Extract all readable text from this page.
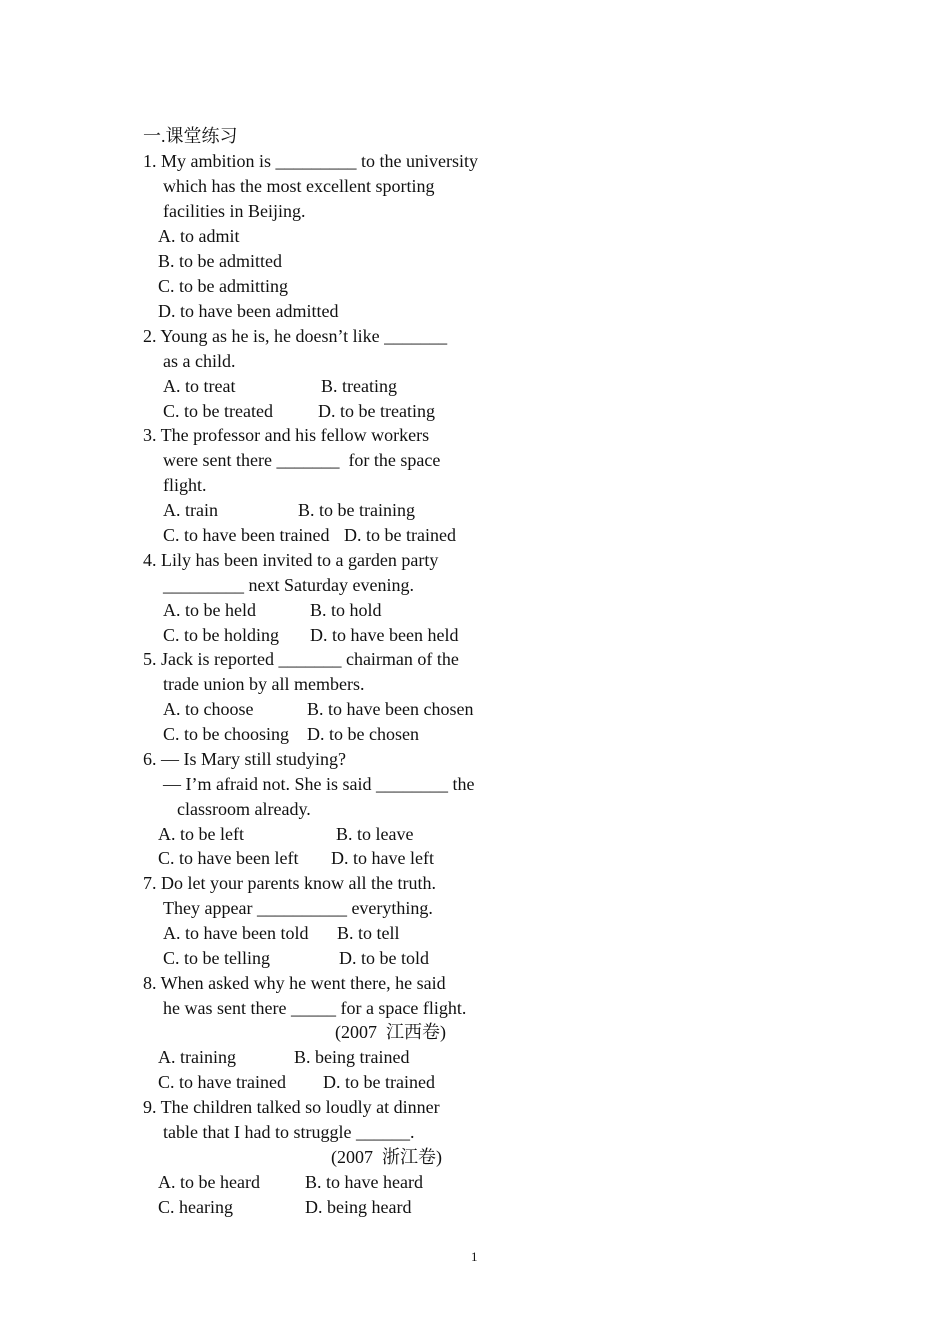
一.课堂练习
1. My ambition is _________ to the university
which has the most excellent sporting
facilities in Beijing.
A. to admit
B. to be admitted
C. to be admitting
D. to have been admitted
2. Young as he is, he doesn’t like _______
as a child.
A. to treat	B. treating
C. to be treated	D. to be treating
3. The professor and his fellow workers
were sent there _______  for the space
flight.
A. train	B. to be training
C. to have been trained D. to be trained
4. Lily has been invited to a garden party
_________ next Saturday evening.
A. to be held	B. to hold
C. to be holding D. to have been held
5. Jack is reported _______ chairman of the
trade union by all members.
A. to choose	B. to have been chosen
C. to be choosing D. to be chosen
6. — Is Mary still studying?
— I’m afraid not. She is said ________ the
classroom already.
A. to be left	B. to leave
C. to have been left D. to have left
7. Do let your parents know all the truth.
They appear __________ everything.
A. to have been told B. to tell
C. to be telling	D. to be told
8. When asked why he went there, he said
he was sent there _____ for a space flight.
(2007  江西卷)
A. training	B. being trained
C. to have trained D. to be trained
9. The children talked so loudly at dinner
table that I had to struggle ______.
(2007  浙江卷)
A. to be heard	B. to have heard
C. hearing	D. being heard
1
